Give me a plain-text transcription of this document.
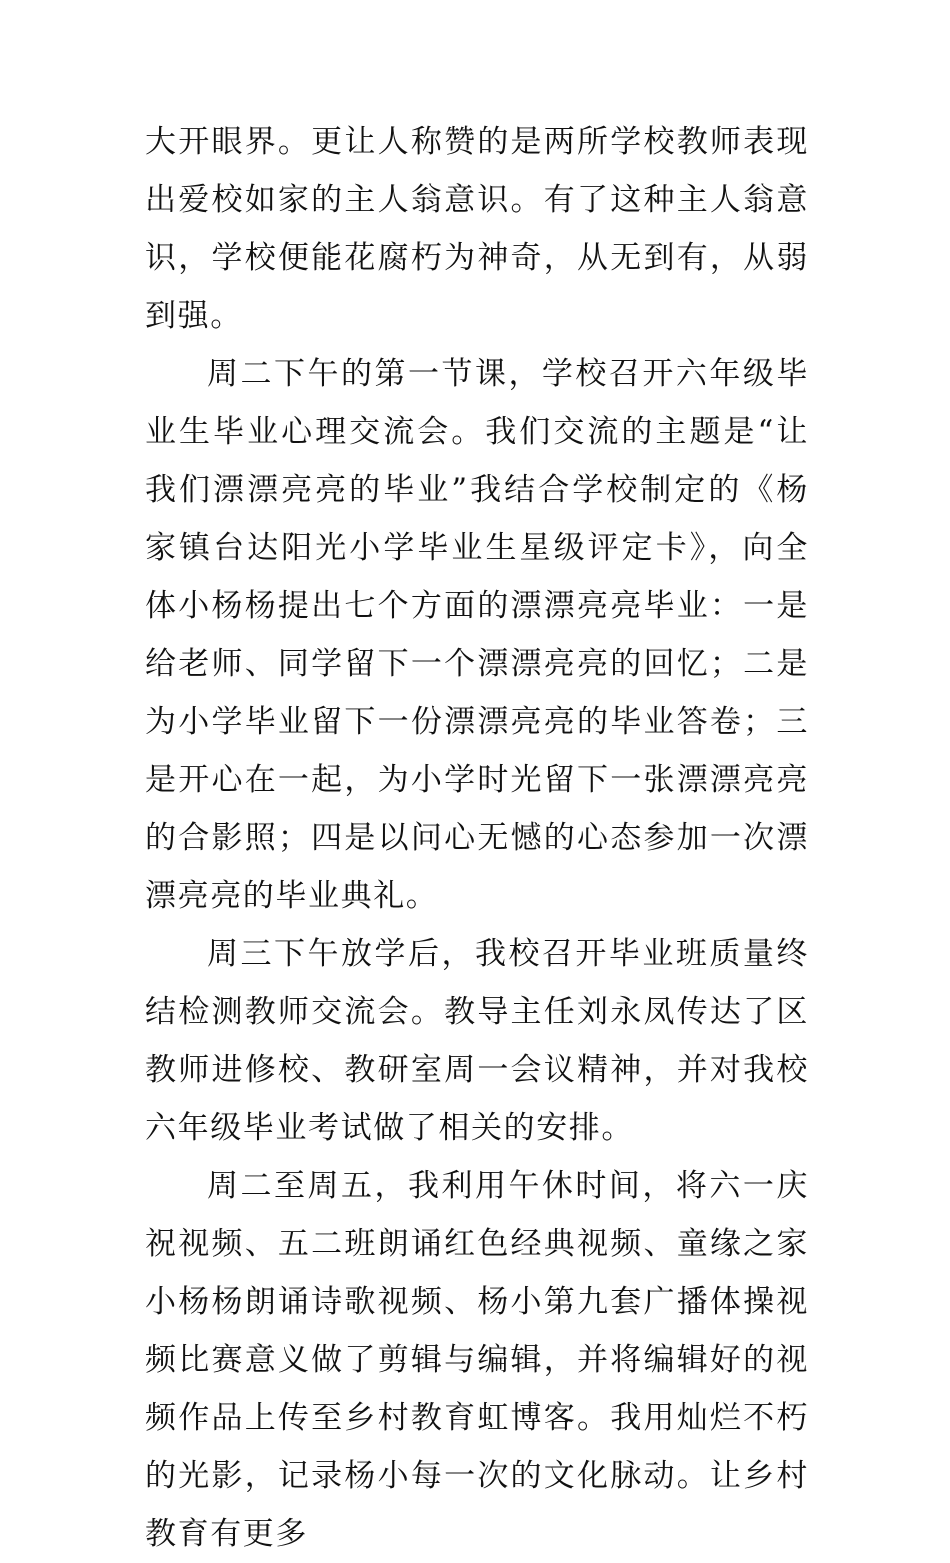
大开眼界。更让人称赞的是两所学校教师表现出爱校如家的主人翁意识。有了这种主人翁意识，学校便能花腐朽为神奇，从无到有，从弱到强。

周二下午的第一节课，学校召开六年级毕业生毕业心理交流会。我们交流的主题是“让我们漂漂亮亮的毕业”我结合学校制定的《杨家镇台达阳光小学毕业生星级评定卡》，向全体小杨杨提出七个方面的漂漂亮亮毕业：一是给老师、同学留下一个漂漂亮亮的回忆；二是为小学毕业留下一份漂漂亮亮的毕业答卷；三是开心在一起，为小学时光留下一张漂漂亮亮的合影照；四是以问心无憾的心态参加一次漂漂亮亮的毕业典礼。

周三下午放学后，我校召开毕业班质量终结检测教师交流会。教导主任刘永凤传达了区教师进修校、教研室周一会议精神，并对我校六年级毕业考试做了相关的安排。

周二至周五，我利用午休时间，将六一庆祝视频、五二班朗诵红色经典视频、童缘之家小杨杨朗诵诗歌视频、杨小第九套广播体操视频比赛意义做了剪辑与编辑，并将编辑好的视频作品上传至乡村教育虹博客。我用灿烂不朽的光影，记录杨小每一次的文化脉动。让乡村教育有更多
